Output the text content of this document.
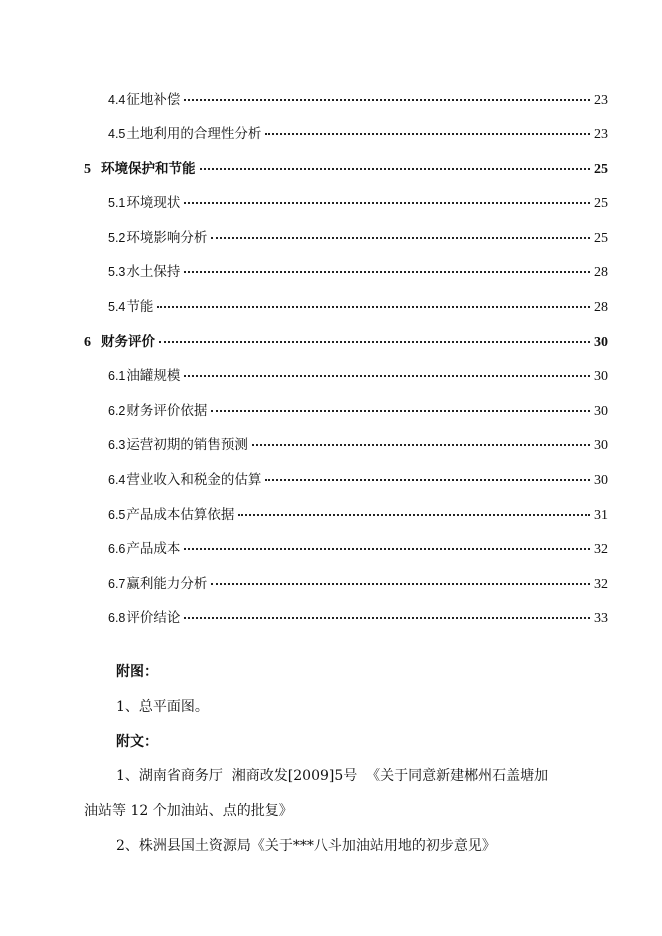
4.4 征地补偿	23
4.5 土地利用的合理性分析	23
5 环境保护和节能	25
5.1 环境现状	25
5.2 环境影响分析	25
5.3 水土保持	28
5.4 节能	28
6 财务评价	30
6.1 油罐规模	30
6.2 财务评价依据	30
6.3 运营初期的销售预测	30
6.4 营业收入和税金的估算	30
6.5 产品成本估算依据	31
6.6 产品成本	32
6.7 赢利能力分析	32
6.8 评价结论	33
附图：
1、总平面图。
附文：
1、湖南省商务厅  湘商改发[2009]5号  《关于同意新建郴州石盖塘加
油站等 12 个加油站、点的批复》
2、株洲县国土资源局《关于***八斗加油站用地的初步意见》
